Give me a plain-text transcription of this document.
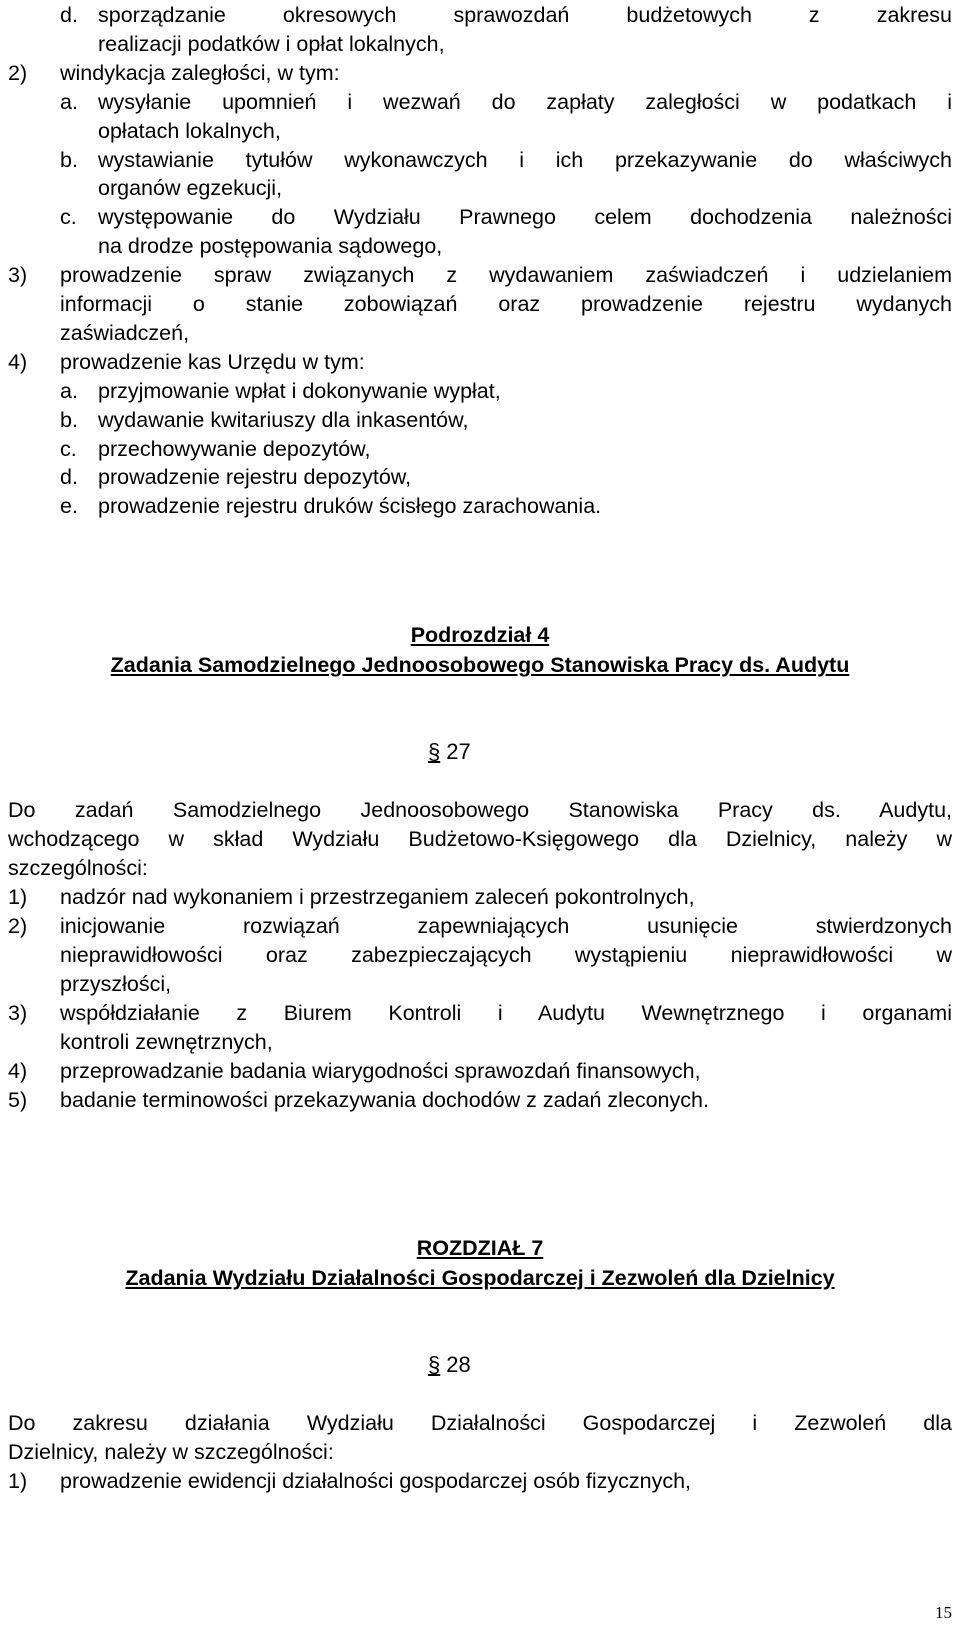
d. sporządzanie okresowych sprawozdań budżetowych z zakresu
realizacji podatków i opłat lokalnych,
2) windykacja zaległości, w tym:
a. wysyłanie upomnień i wezwań do zapłaty zaległości w podatkach i
opłatach lokalnych,
b. wystawianie tytułów wykonawczych i ich przekazywanie do właściwych
organów egzekucji,
c. występowanie do Wydziału Prawnego celem dochodzenia należności
na drodze postępowania sądowego,
3) prowadzenie spraw związanych z wydawaniem zaświadczeń i udzielaniem
informacji o stanie zobowiązań oraz prowadzenie rejestru wydanych
zaświadczeń,
4) prowadzenie kas Urzędu w tym:
a. przyjmowanie wpłat i dokonywanie wypłat,
b. wydawanie kwitariuszy dla inkasentów,
c. przechowywanie depozytów,
d. prowadzenie rejestru depozytów,
e. prowadzenie rejestru druków ścisłego zarachowania.
Podrozdział 4
Zadania Samodzielnego Jednoosobowego Stanowiska Pracy ds. Audytu
§ 27
Do zadań Samodzielnego Jednoosobowego Stanowiska Pracy ds. Audytu,
wchodzącego w skład Wydziału Budżetowo-Księgowego dla Dzielnicy, należy w
szczególności:
1) nadzór nad wykonaniem i przestrzeganiem zaleceń pokontrolnych,
2) inicjowanie rozwiązań zapewniających usunięcie stwierdzonych
nieprawidłowości oraz zabezpieczających wystąpieniu nieprawidłowości w
przyszłości,
3) współdziałanie z Biurem Kontroli i Audytu Wewnętrznego i organami
kontroli zewnętrznych,
4) przeprowadzanie badania wiarygodności sprawozdań finansowych,
5) badanie terminowości przekazywania dochodów z zadań zleconych.
ROZDZIAŁ 7
Zadania Wydziału Działalności Gospodarczej i Zezwoleń dla Dzielnicy
§ 28
Do zakresu działania Wydziału Działalności Gospodarczej i Zezwoleń dla
Dzielnicy, należy w szczególności:
1) prowadzenie ewidencji działalności gospodarczej osób fizycznych,
15
